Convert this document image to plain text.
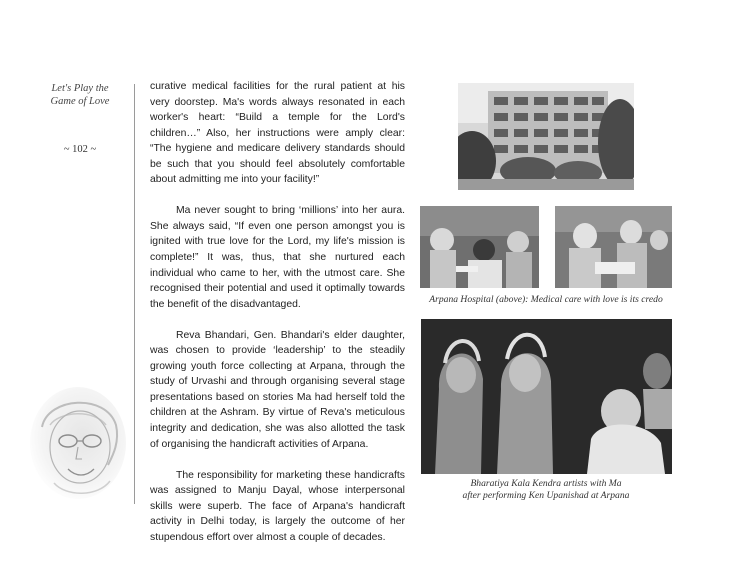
Let's Play the
Game of Love
~ 102 ~

curative medical facilities for the rural patient at his very doorstep. Ma's words always resonated in each worker's heart: “Build a temple for the Lord's children…” Also, her instructions were amply clear: “The hygiene and medicare delivery standards should be such that you should feel absolutely comfortable about admitting me into your facility!”

Ma never sought to bring ‘millions’ into her aura. She always said, “If even one person amongst you is ignited with true love for the Lord, my life's mission is complete!” It was, thus, that she nurtured each individual who came to her, with the utmost care. She recognised their potential and used it optimally towards the benefit of the disadvantaged.

Reva Bhandari, Gen. Bhandari's elder daughter, was chosen to provide ‘leadership’ to the steadily growing youth force collecting at Arpana, through the study of Urvashi and through organising several stage presentations based on stories Ma had herself told the children at the Ashram. By virtue of Reva's meticulous integrity and dedication, she was also allotted the task of organising the handicraft activities of Arpana.

The responsibility for marketing these handicrafts was assigned to Manju Dayal, whose interpersonal skills were superb. The face of Arpana's handicraft activity in Delhi today, is largely the outcome of her stupendous effort over almost a couple of decades.

Arpana Hospital (above): Medical care with love is its credo
Bharatiya Kala Kendra artists with Ma
after performing Ken Upanishad at Arpana
